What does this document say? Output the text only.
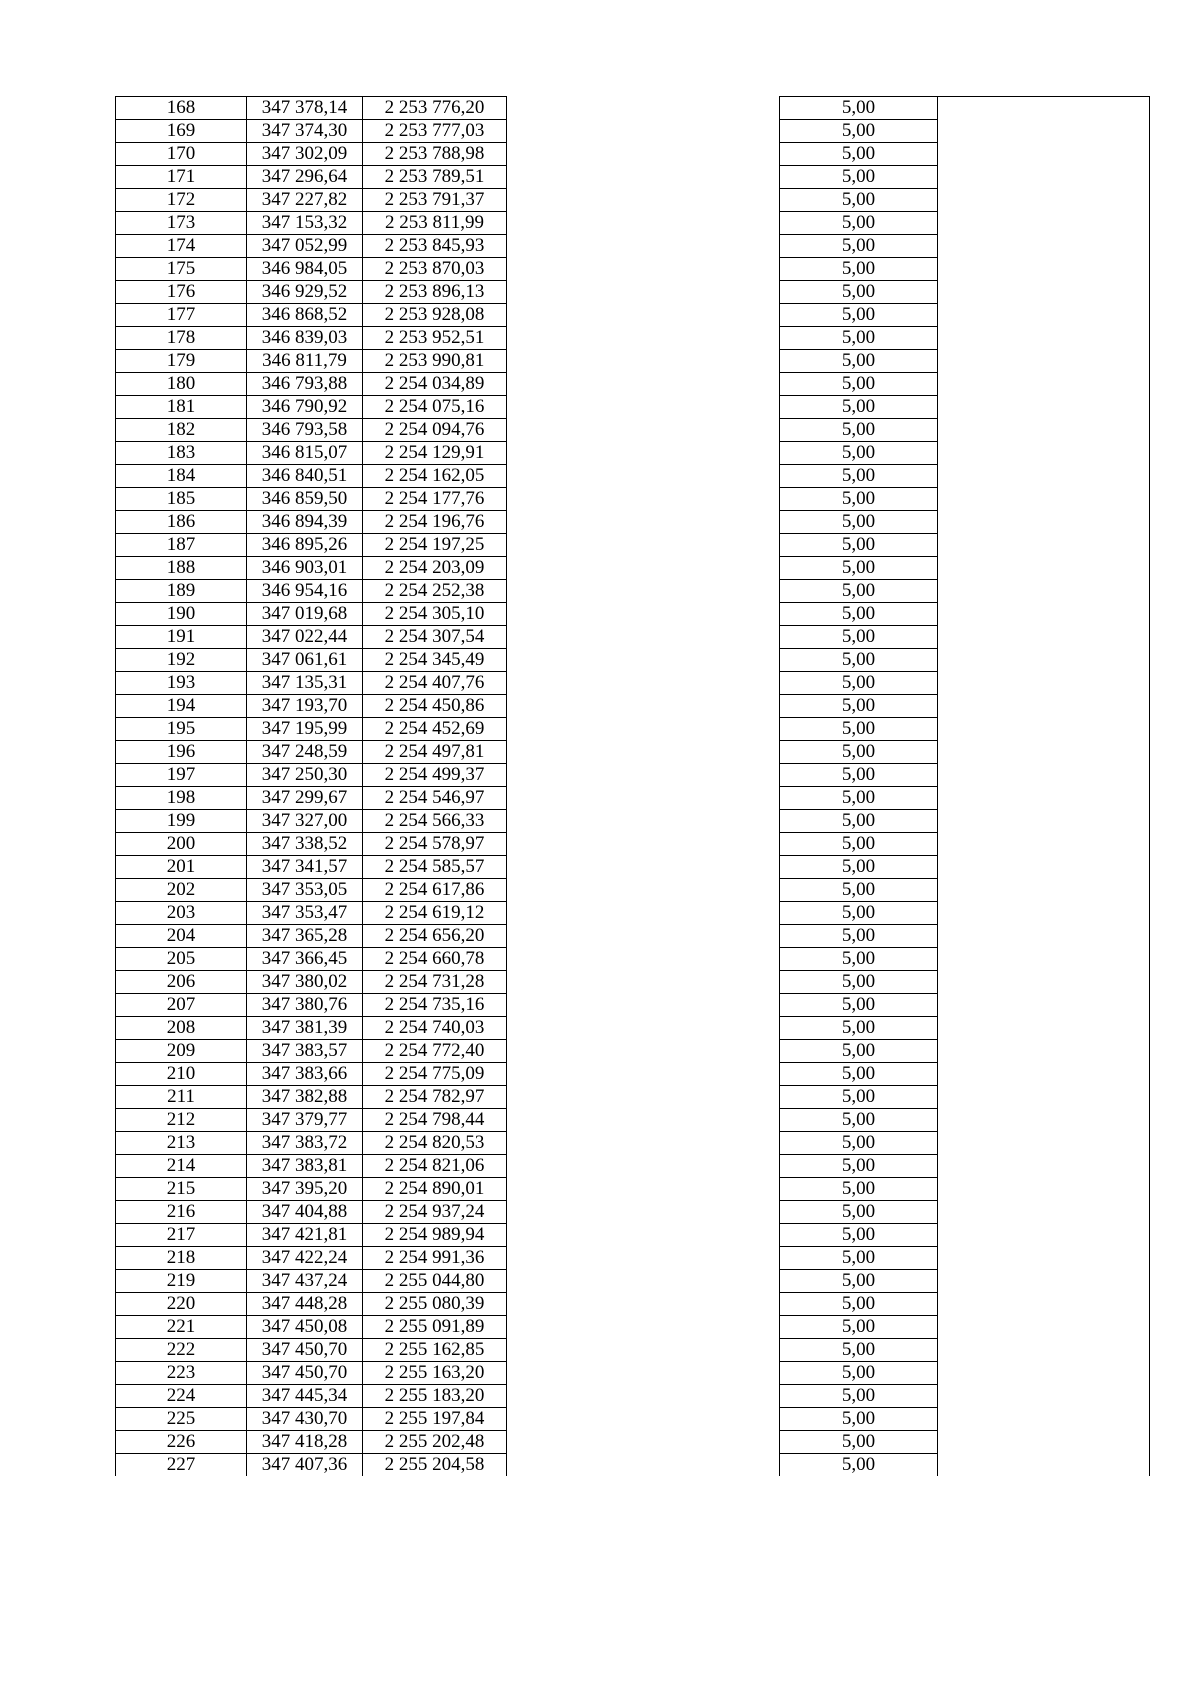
168	347 378,14	2 253 776,20		5,00	
169	347 374,30	2 253 777,03		5,00	
170	347 302,09	2 253 788,98		5,00	
171	347 296,64	2 253 789,51		5,00	
172	347 227,82	2 253 791,37		5,00	
173	347 153,32	2 253 811,99		5,00	
174	347 052,99	2 253 845,93		5,00	
175	346 984,05	2 253 870,03		5,00	
176	346 929,52	2 253 896,13		5,00	
177	346 868,52	2 253 928,08		5,00	
178	346 839,03	2 253 952,51		5,00	
179	346 811,79	2 253 990,81		5,00	
180	346 793,88	2 254 034,89		5,00	
181	346 790,92	2 254 075,16		5,00	
182	346 793,58	2 254 094,76		5,00	
183	346 815,07	2 254 129,91		5,00	
184	346 840,51	2 254 162,05		5,00	
185	346 859,50	2 254 177,76		5,00	
186	346 894,39	2 254 196,76		5,00	
187	346 895,26	2 254 197,25		5,00	
188	346 903,01	2 254 203,09		5,00	
189	346 954,16	2 254 252,38		5,00	
190	347 019,68	2 254 305,10		5,00	
191	347 022,44	2 254 307,54		5,00	
192	347 061,61	2 254 345,49		5,00	
193	347 135,31	2 254 407,76		5,00	
194	347 193,70	2 254 450,86		5,00	
195	347 195,99	2 254 452,69		5,00	
196	347 248,59	2 254 497,81		5,00	
197	347 250,30	2 254 499,37		5,00	
198	347 299,67	2 254 546,97		5,00	
199	347 327,00	2 254 566,33		5,00	
200	347 338,52	2 254 578,97		5,00	
201	347 341,57	2 254 585,57		5,00	
202	347 353,05	2 254 617,86		5,00	
203	347 353,47	2 254 619,12		5,00	
204	347 365,28	2 254 656,20		5,00	
205	347 366,45	2 254 660,78		5,00	
206	347 380,02	2 254 731,28		5,00	
207	347 380,76	2 254 735,16		5,00	
208	347 381,39	2 254 740,03		5,00	
209	347 383,57	2 254 772,40		5,00	
210	347 383,66	2 254 775,09		5,00	
211	347 382,88	2 254 782,97		5,00	
212	347 379,77	2 254 798,44		5,00	
213	347 383,72	2 254 820,53		5,00	
214	347 383,81	2 254 821,06		5,00	
215	347 395,20	2 254 890,01		5,00	
216	347 404,88	2 254 937,24		5,00	
217	347 421,81	2 254 989,94		5,00	
218	347 422,24	2 254 991,36		5,00	
219	347 437,24	2 255 044,80		5,00	
220	347 448,28	2 255 080,39		5,00	
221	347 450,08	2 255 091,89		5,00	
222	347 450,70	2 255 162,85		5,00	
223	347 450,70	2 255 163,20		5,00	
224	347 445,34	2 255 183,20		5,00	
225	347 430,70	2 255 197,84		5,00	
226	347 418,28	2 255 202,48		5,00	
227	347 407,36	2 255 204,58		5,00	
